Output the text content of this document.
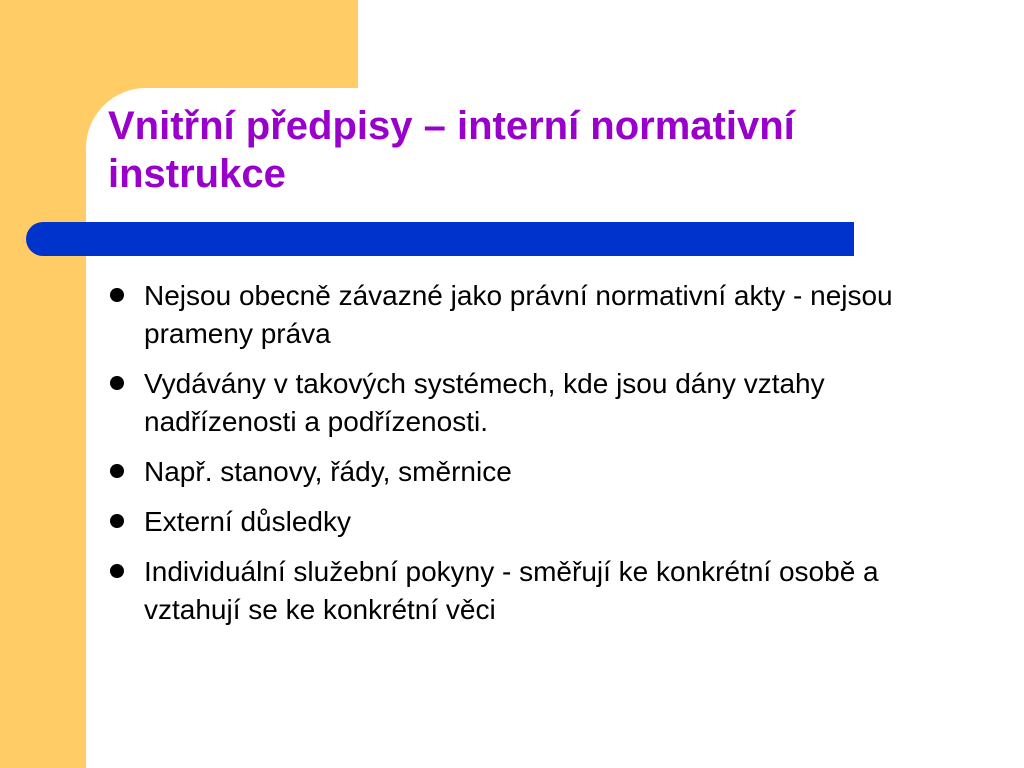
Vnitřní předpisy – interní normativní instrukce
Nejsou obecně závazné jako právní normativní akty - nejsou prameny práva
Vydávány v takových systémech, kde jsou dány vztahy nadřízenosti a podřízenosti.
Např. stanovy, řády, směrnice
Externí důsledky
Individuální služební pokyny - směřují ke konkrétní osobě a vztahují se ke konkrétní věci
